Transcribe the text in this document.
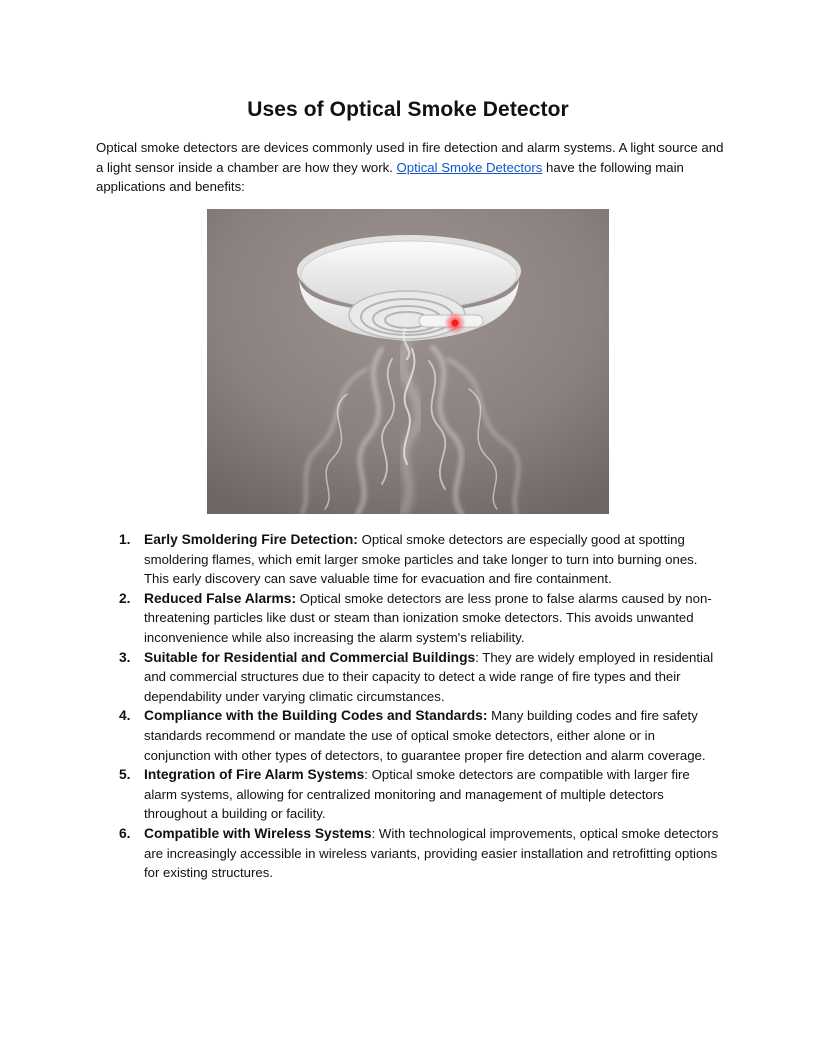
Uses of Optical Smoke Detector

Optical smoke detectors are devices commonly used in fire detection and alarm systems. A light source and a light sensor inside a chamber are how they work. Optical Smoke Detectors have the following main applications and benefits:

1. Early Smoldering Fire Detection: Optical smoke detectors are especially good at spotting smoldering flames, which emit larger smoke particles and take longer to turn into burning ones. This early discovery can save valuable time for evacuation and fire containment.
2. Reduced False Alarms: Optical smoke detectors are less prone to false alarms caused by non-threatening particles like dust or steam than ionization smoke detectors. This avoids unwanted inconvenience while also increasing the alarm system's reliability.
3. Suitable for Residential and Commercial Buildings: They are widely employed in residential and commercial structures due to their capacity to detect a wide range of fire types and their dependability under varying climatic circumstances.
4. Compliance with the Building Codes and Standards: Many building codes and fire safety standards recommend or mandate the use of optical smoke detectors, either alone or in conjunction with other types of detectors, to guarantee proper fire detection and alarm coverage.
5. Integration of Fire Alarm Systems: Optical smoke detectors are compatible with larger fire alarm systems, allowing for centralized monitoring and management of multiple detectors throughout a building or facility.
6. Compatible with Wireless Systems: With technological improvements, optical smoke detectors are increasingly accessible in wireless variants, providing easier installation and retrofitting options for existing structures.
